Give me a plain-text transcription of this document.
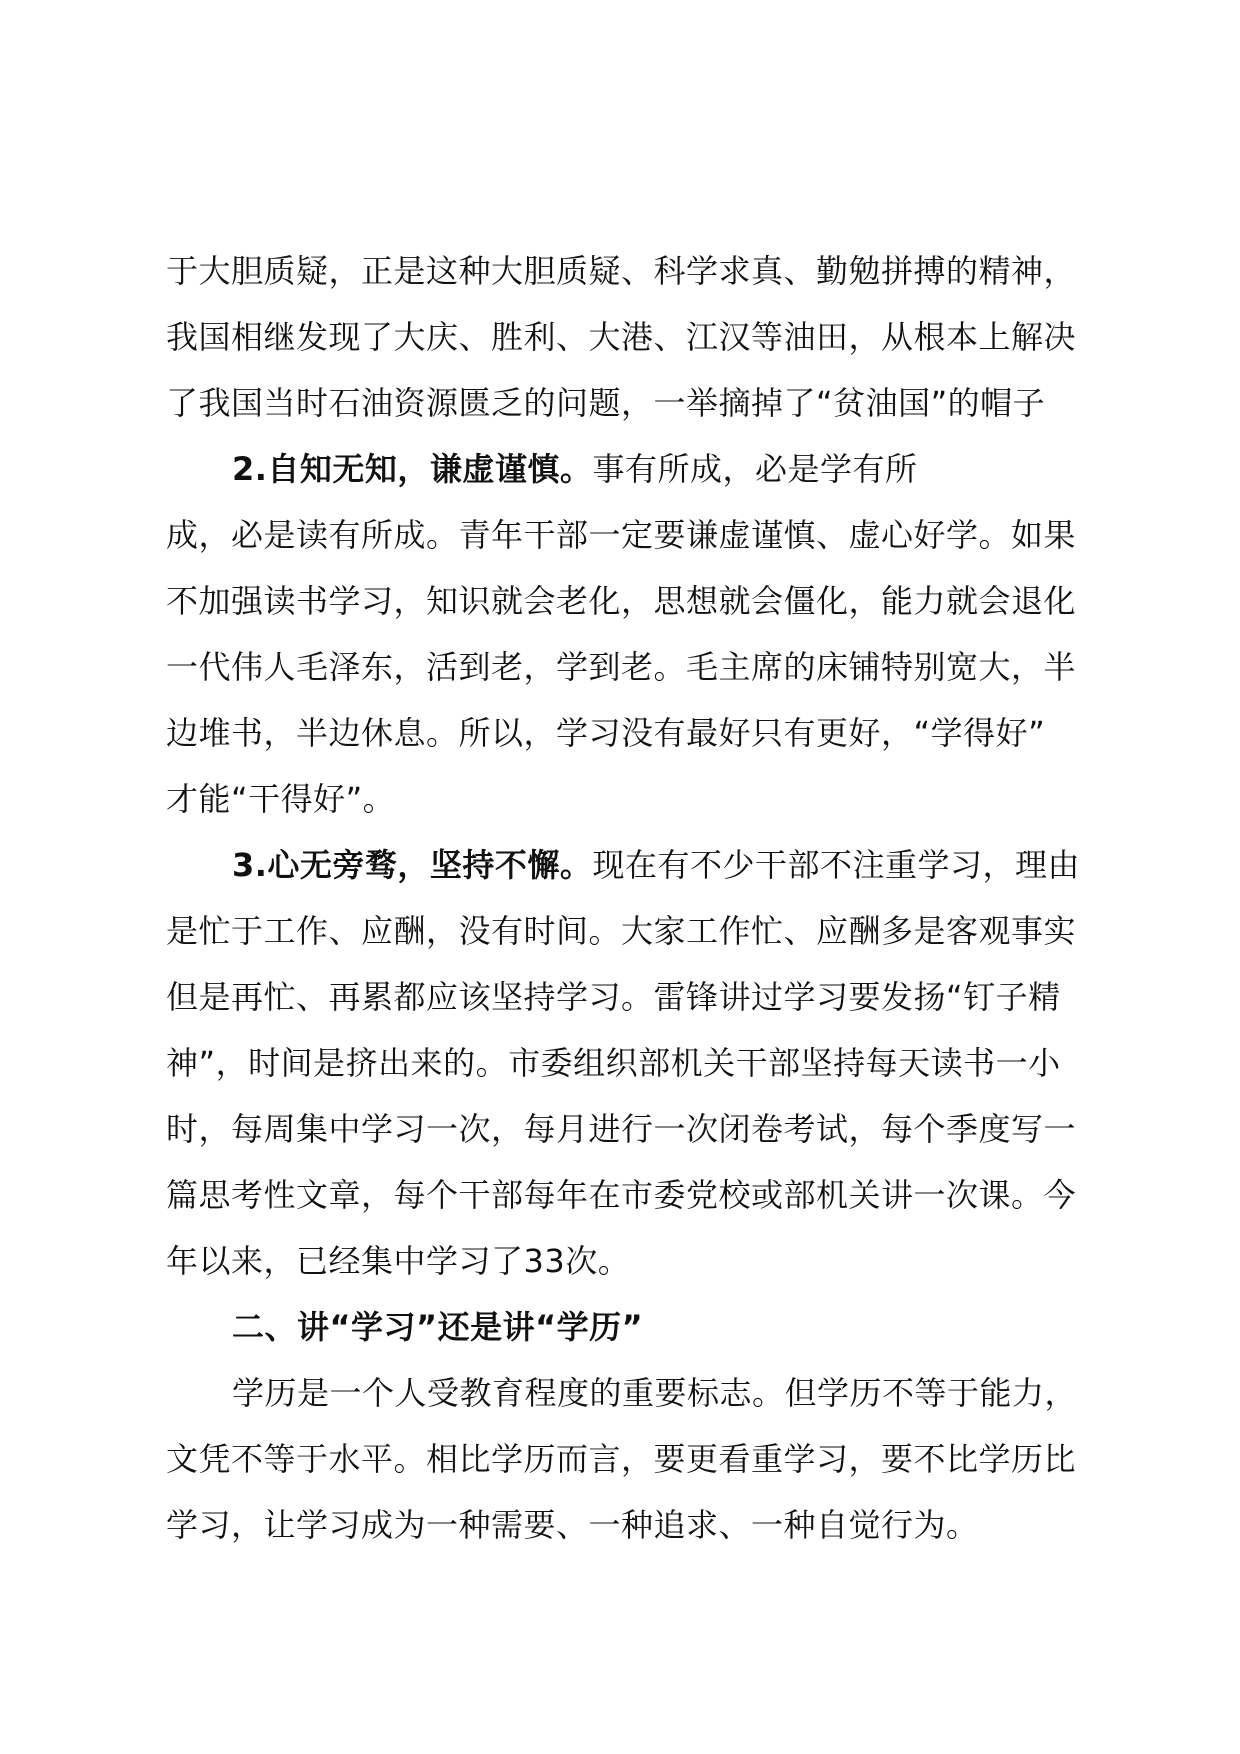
于大胆质疑，正是这种大胆质疑、科学求真、勤勉拼搏的精神，
我国相继发现了大庆、胜利、大港、江汉等油田，从根本上解决
了我国当时石油资源匮乏的问题，一举摘掉了“贫油国”的帽子
2.自知无知，谦虚谨慎。事有所成，必是学有所
成，必是读有所成。青年干部一定要谦虚谨慎、虚心好学。如果
不加强读书学习，知识就会老化，思想就会僵化，能力就会退化
一代伟人毛泽东，活到老，学到老。毛主席的床铺特别宽大，半
边堆书，半边休息。所以，学习没有最好只有更好，“学得好”
才能“干得好”。
3.心无旁骛，坚持不懈。现在有不少干部不注重学习，理由
是忙于工作、应酬，没有时间。大家工作忙、应酬多是客观事实
但是再忙、再累都应该坚持学习。雷锋讲过学习要发扬“钉子精
神”，时间是挤出来的。市委组织部机关干部坚持每天读书一小
时，每周集中学习一次，每月进行一次闭卷考试，每个季度写一
篇思考性文章，每个干部每年在市委党校或部机关讲一次课。今
年以来，已经集中学习了33次。
二、讲“学习”还是讲“学历”
学历是一个人受教育程度的重要标志。但学历不等于能力，
文凭不等于水平。相比学历而言，要更看重学习，要不比学历比
学习，让学习成为一种需要、一种追求、一种自觉行为。
